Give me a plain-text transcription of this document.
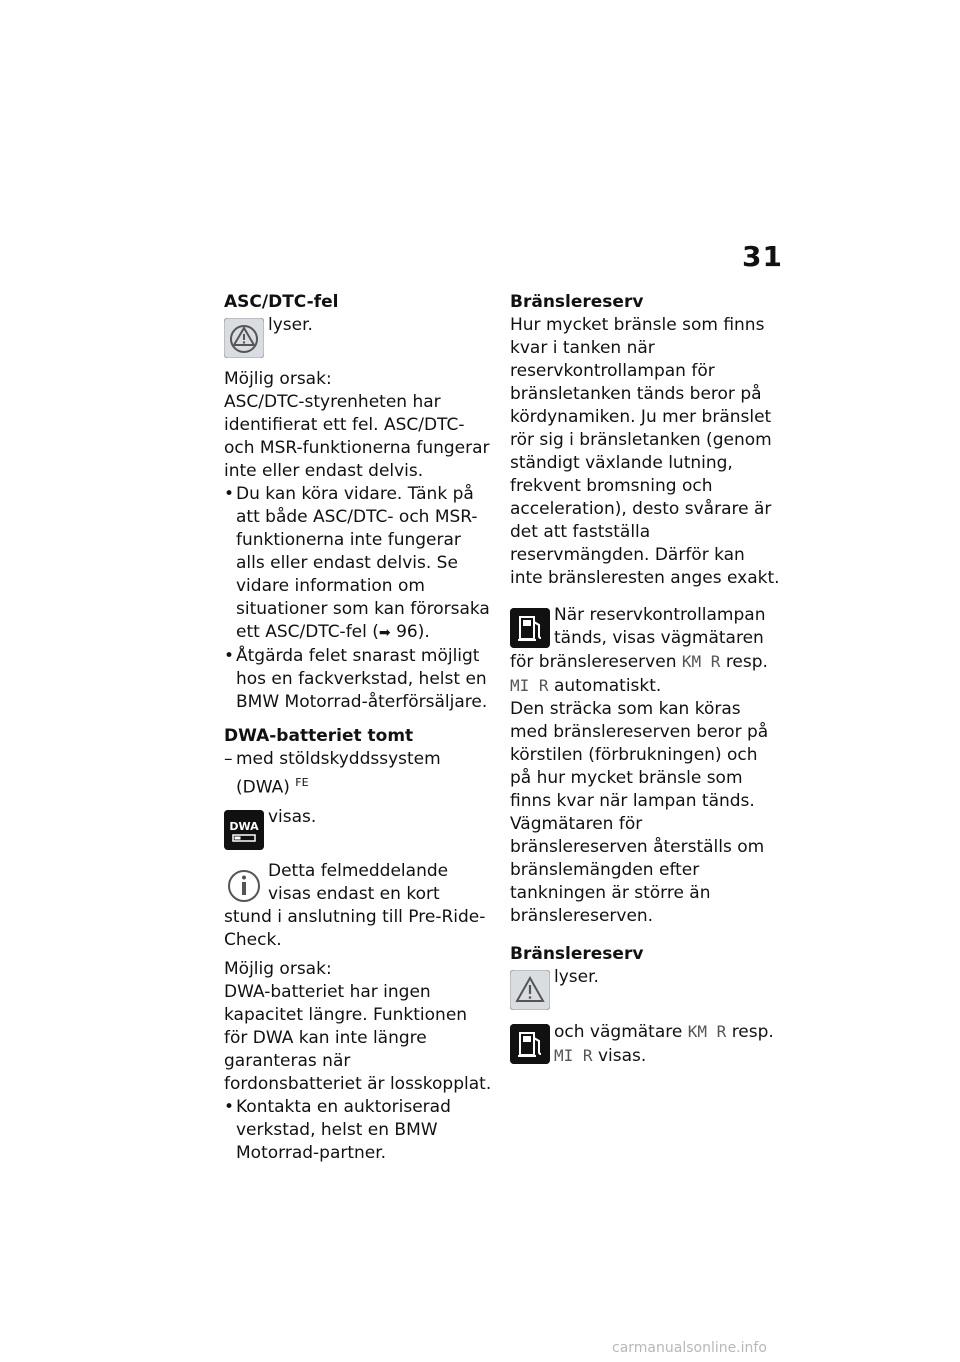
31

ASC/DTC-fel

lyser.

Möjlig orsak:

ASC/DTC-styrenheten har identifierat ett fel. ASC/DTC- och MSR-funktionerna fungerar inte eller endast delvis.

• Du kan köra vidare. Tänk på att både ASC/DTC- och MSR-funktionerna inte fungerar alls eller endast delvis. Se vidare information om situationer som kan förorsaka ett ASC/DTC-fel (➡ 96).
• Åtgärda felet snarast möjligt hos en fackverkstad, helst en BMW Motorrad-återförsäljare.

DWA-batteriet tomt

– med stöldskyddssystem (DWA) $^{FE}$

DWA visas.

Detta felmeddelande visas endast en kort stund i anslutning till Pre-Ride-Check.

Möjlig orsak:

DWA-batteriet har ingen kapacitet längre. Funktionen för DWA kan inte längre garanteras när fordonsbatteriet är losskopplat.

• Kontakta en auktoriserad verkstad, helst en BMW Motorrad-partner.

Bränslereserv

Hur mycket bränsle som finns kvar i tanken när reservkontrollampan för bränsletanken tänds beror på kördynamiken. Ju mer bränslet rör sig i bränsletanken (genom ständigt växlande lutning, frekvent bromsning och acceleration), desto svårare är det att fastställa reservmängden. Därför kan inte bränsleresten anges exakt.

När reservkontrollampan tänds, visas vägmätaren för bränslereserven KM R resp. MI R automatiskt.

Den sträcka som kan köras med bränslereserven beror på körstilen (förbrukningen) och på hur mycket bränsle som finns kvar när lampan tänds. Vägmätaren för bränslereserven återställs om bränslemängden efter tankningen är större än bränslereserven.

Bränslereserv

lyser.

och vägmätare KM R resp. MI R visas.

carmanualsonline.info
